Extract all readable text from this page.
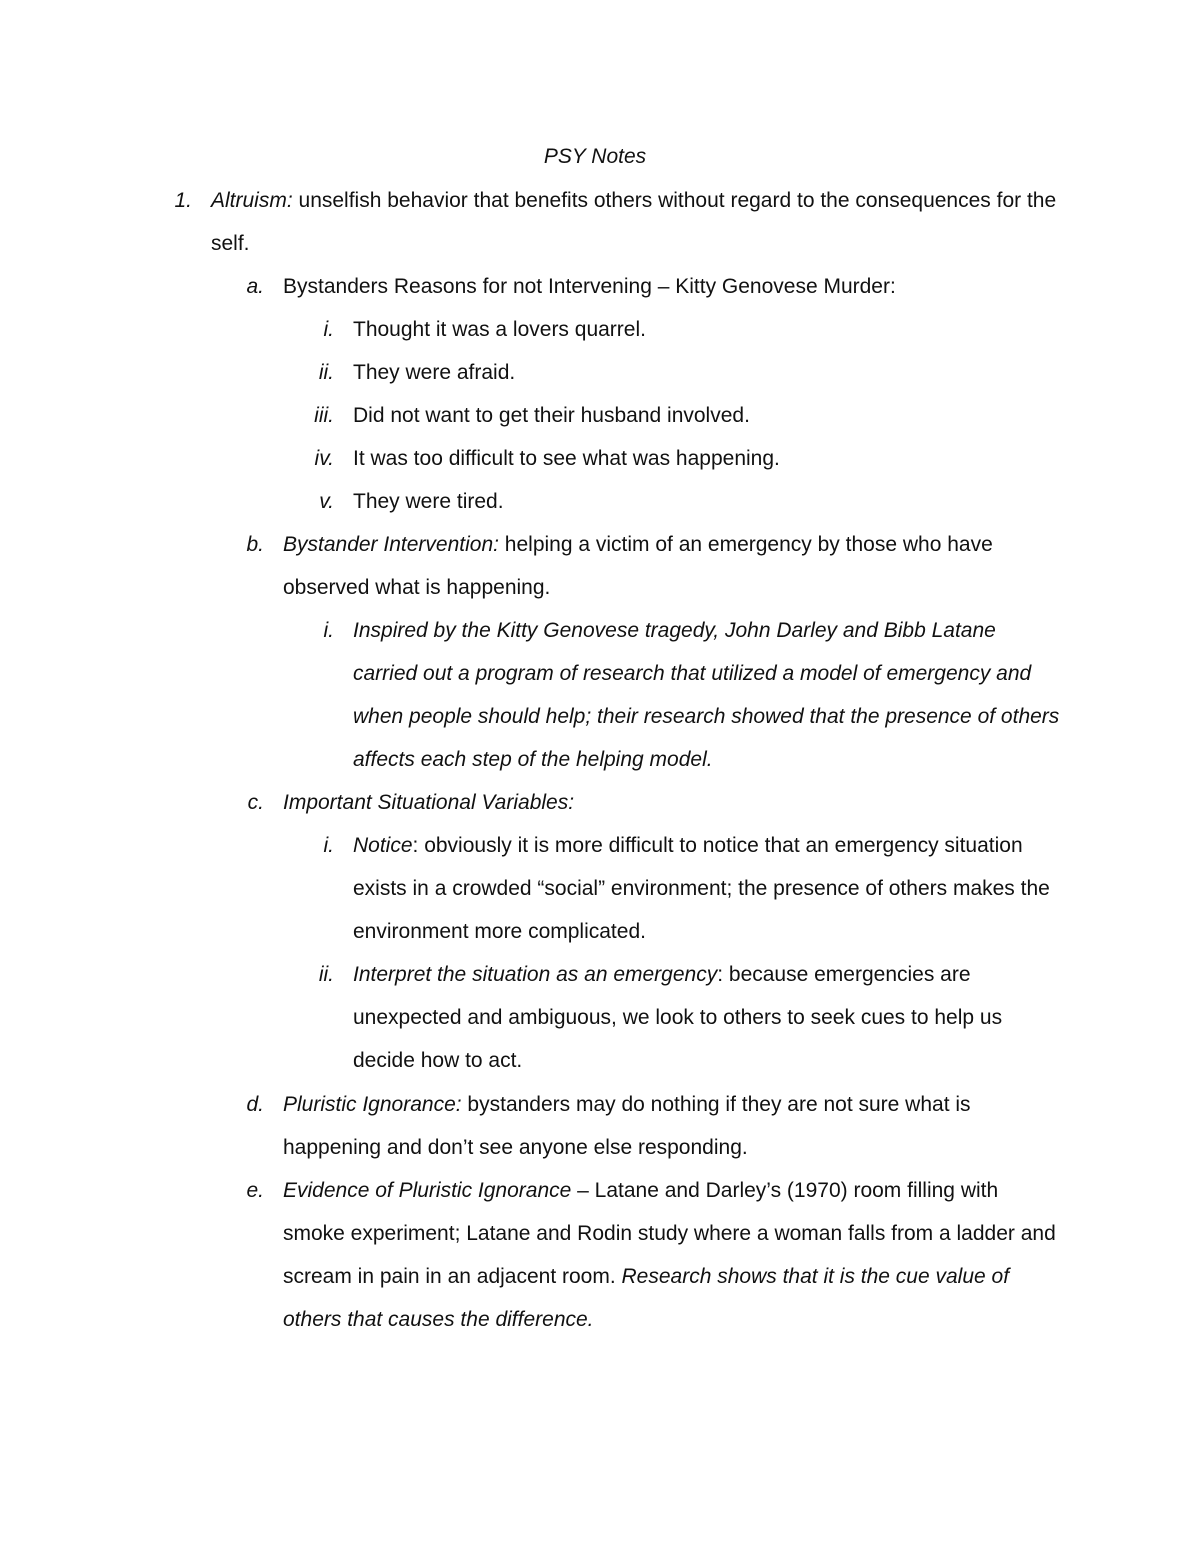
PSY Notes
1. Altruism: unselfish behavior that benefits others without regard to the consequences for the self.
a. Bystanders Reasons for not Intervening – Kitty Genovese Murder:
i. Thought it was a lovers quarrel.
ii. They were afraid.
iii. Did not want to get their husband involved.
iv. It was too difficult to see what was happening.
v. They were tired.
b. Bystander Intervention: helping a victim of an emergency by those who have observed what is happening.
i. Inspired by the Kitty Genovese tragedy, John Darley and Bibb Latane carried out a program of research that utilized a model of emergency and when people should help; their research showed that the presence of others affects each step of the helping model.
c. Important Situational Variables:
i. Notice: obviously it is more difficult to notice that an emergency situation exists in a crowded “social” environment; the presence of others makes the environment more complicated.
ii. Interpret the situation as an emergency: because emergencies are unexpected and ambiguous, we look to others to seek cues to help us decide how to act.
d. Pluristic Ignorance: bystanders may do nothing if they are not sure what is happening and don’t see anyone else responding.
e. Evidence of Pluristic Ignorance – Latane and Darley’s (1970) room filling with smoke experiment; Latane and Rodin study where a woman falls from a ladder and scream in pain in an adjacent room. Research shows that it is the cue value of others that causes the difference.
